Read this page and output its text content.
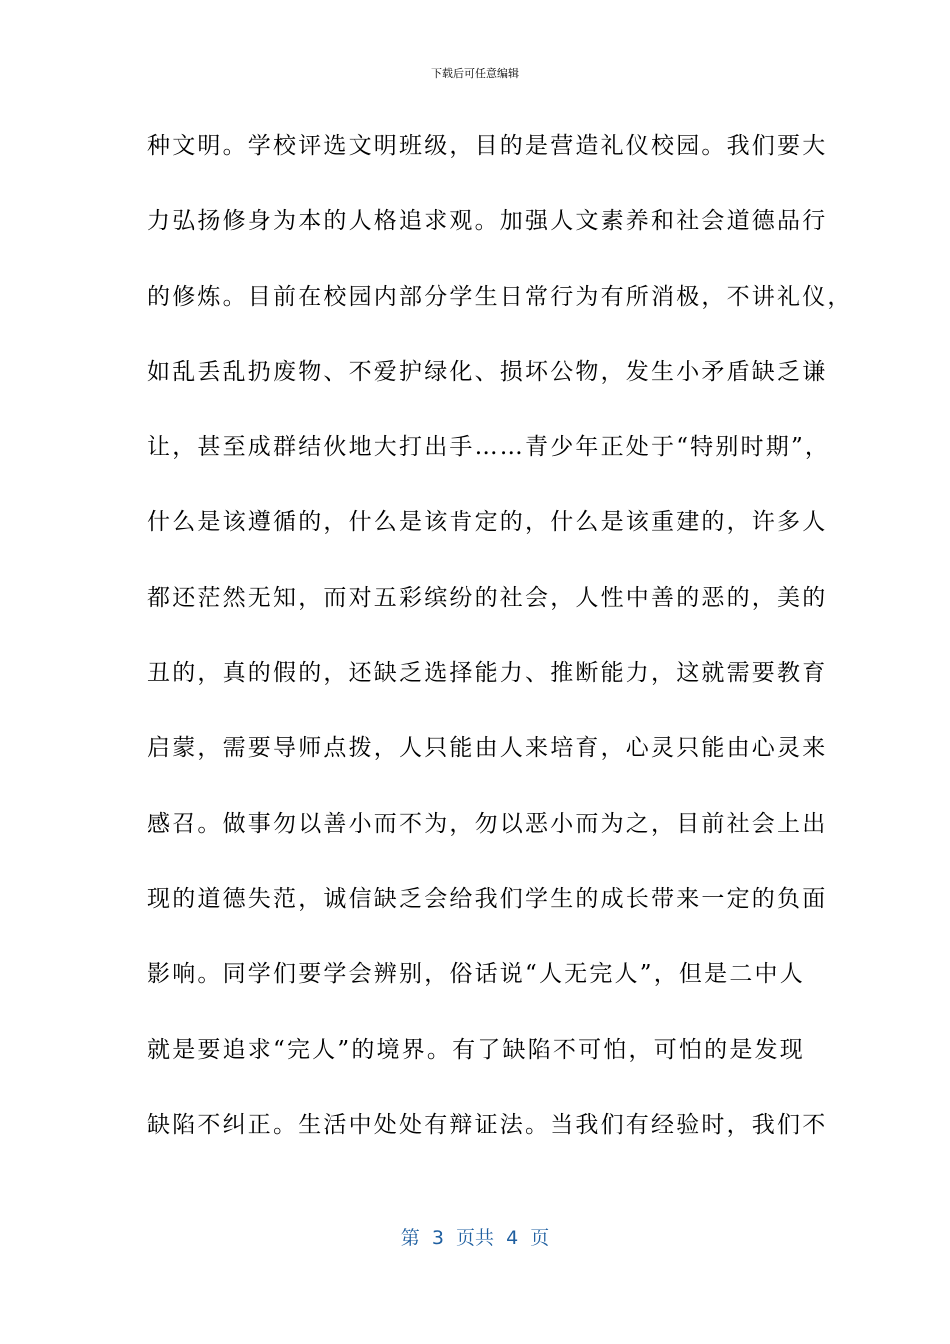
下载后可任意编辑
种文明。学校评选文明班级，目的是营造礼仪校园。我们要大
力弘扬修身为本的人格追求观。加强人文素养和社会道德品行
的修炼。目前在校园内部分学生日常行为有所消极，不讲礼仪，
如乱丢乱扔废物、不爱护绿化、损坏公物，发生小矛盾缺乏谦
让，甚至成群结伙地大打出手……青少年正处于“特别时期”，
什么是该遵循的，什么是该肯定的，什么是该重建的，许多人
都还茫然无知，而对五彩缤纷的社会，人性中善的恶的，美的
丑的，真的假的，还缺乏选择能力、推断能力，这就需要教育
启蒙，需要导师点拨，人只能由人来培育，心灵只能由心灵来
感召。做事勿以善小而不为，勿以恶小而为之，目前社会上出
现的道德失范，诚信缺乏会给我们学生的成长带来一定的负面
影响。同学们要学会辨别，俗话说“人无完人”，但是二中人
就是要追求“完人”的境界。有了缺陷不可怕，可怕的是发现
缺陷不纠正。生活中处处有辩证法。当我们有经验时，我们不
第  3  页共  4  页
